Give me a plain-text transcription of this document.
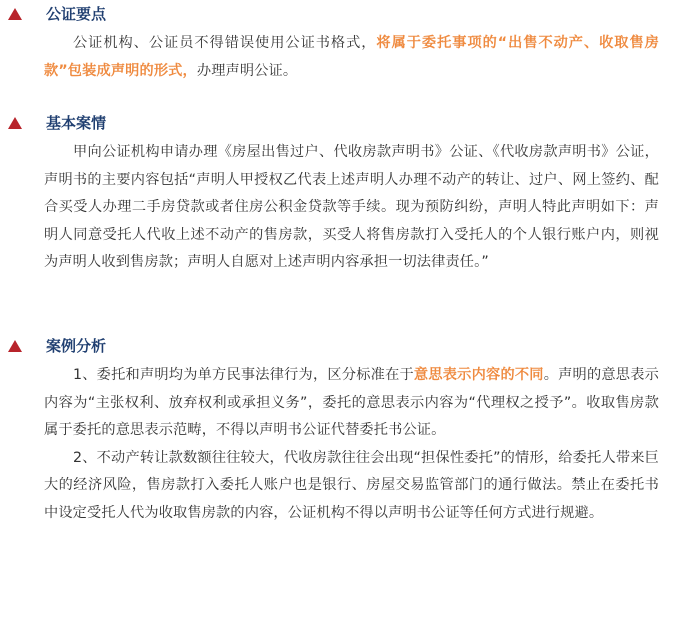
公证要点

公证机构、公证员不得错误使用公证书格式，将属于委托事项的“出售不动产、收取售房款”包装成声明的形式，办理声明公证。

基本案情

甲向公证机构申请办理《房屋出售过户、代收房款声明书》公证、《代收房款声明书》公证，声明书的主要内容包括“声明人甲授权乙代表上述声明人办理不动产的转让、过户、网上签约、配合买受人办理二手房贷款或者住房公积金贷款等手续。现为预防纠纷，声明人特此声明如下：声明人同意受托人代收上述不动产的售房款，买受人将售房款打入受托人的个人银行账户内，则视为声明人收到售房款；声明人自愿对上述声明内容承担一切法律责任。”

案例分析

1、委托和声明均为单方民事法律行为，区分标准在于意思表示内容的不同。声明的意思表示内容为“主张权利、放弃权利或承担义务”，委托的意思表示内容为“代理权之授予”。收取售房款属于委托的意思表示范畴，不得以声明书公证代替委托书公证。

2、不动产转让款数额往往较大，代收房款往往会出现“担保性委托”的情形，给委托人带来巨大的经济风险，售房款打入委托人账户也是银行、房屋交易监管部门的通行做法。禁止在委托书中设定受托人代为收取售房款的内容，公证机构不得以声明书公证等任何方式进行规避。
